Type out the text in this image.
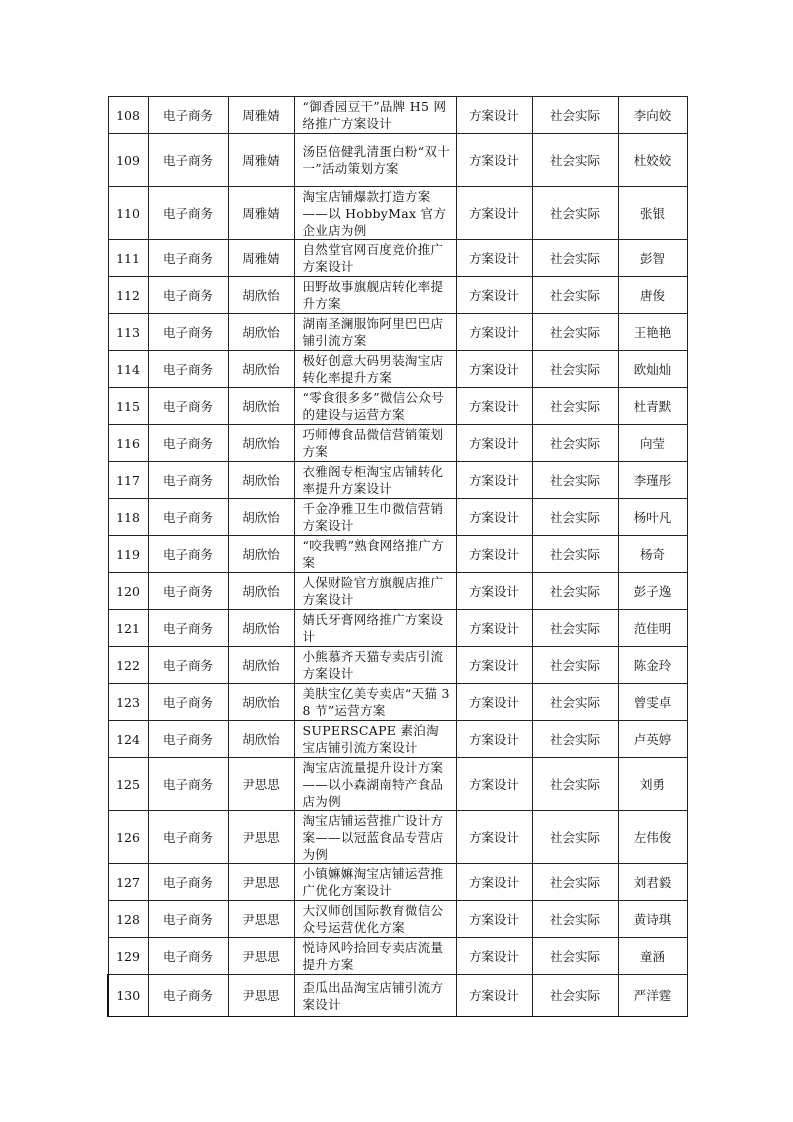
108	电子商务	周雅婧	“御香园豆干”品牌 H5 网络推广方案设计	方案设计	社会实际	李向姣
109	电子商务	周雅婧	汤臣倍健乳清蛋白粉“双十一”活动策划方案	方案设计	社会实际	杜姣姣
110	电子商务	周雅婧	淘宝店铺爆款打造方案——以 HobbyMax 官方企业店为例	方案设计	社会实际	张银
111	电子商务	周雅婧	自然堂官网百度竞价推广方案设计	方案设计	社会实际	彭智
112	电子商务	胡欣怡	田野故事旗舰店转化率提升方案	方案设计	社会实际	唐俊
113	电子商务	胡欣怡	湖南圣澜服饰阿里巴巴店铺引流方案	方案设计	社会实际	王艳艳
114	电子商务	胡欣怡	极好创意大码男装淘宝店转化率提升方案	方案设计	社会实际	欧灿灿
115	电子商务	胡欣怡	“零食很多多”微信公众号的建设与运营方案	方案设计	社会实际	杜青默
116	电子商务	胡欣怡	巧师傅食品微信营销策划方案	方案设计	社会实际	向莹
117	电子商务	胡欣怡	衣雅阁专柜淘宝店铺转化率提升方案设计	方案设计	社会实际	李瑾彤
118	电子商务	胡欣怡	千金净雅卫生巾微信营销方案设计	方案设计	社会实际	杨叶凡
119	电子商务	胡欣怡	“咬我鸭”熟食网络推广方案	方案设计	社会实际	杨奇
120	电子商务	胡欣怡	人保财险官方旗舰店推广方案设计	方案设计	社会实际	彭子逸
121	电子商务	胡欣怡	婧氏牙膏网络推广方案设计	方案设计	社会实际	范佳明
122	电子商务	胡欣怡	小熊慕齐天猫专卖店引流方案设计	方案设计	社会实际	陈金玲
123	电子商务	胡欣怡	美肤宝亿美专卖店“天猫 38 节”运营方案	方案设计	社会实际	曾雯卓
124	电子商务	胡欣怡	SUPERSCAPE 素泊淘宝店铺引流方案设计	方案设计	社会实际	卢英婷
125	电子商务	尹思思	淘宝店流量提升设计方案——以小森湖南特产食品店为例	方案设计	社会实际	刘勇
126	电子商务	尹思思	淘宝店铺运营推广设计方案——以冠蓝食品专营店为例	方案设计	社会实际	左伟俊
127	电子商务	尹思思	小镇嫲嫲淘宝店铺运营推广优化方案设计	方案设计	社会实际	刘君毅
128	电子商务	尹思思	大汉师创国际教育微信公众号运营优化方案	方案设计	社会实际	黄诗琪
129	电子商务	尹思思	悦诗风吟拾回专卖店流量提升方案	方案设计	社会实际	童涵
130	电子商务	尹思思	歪瓜出品淘宝店铺引流方案设计	方案设计	社会实际	严洋霆
